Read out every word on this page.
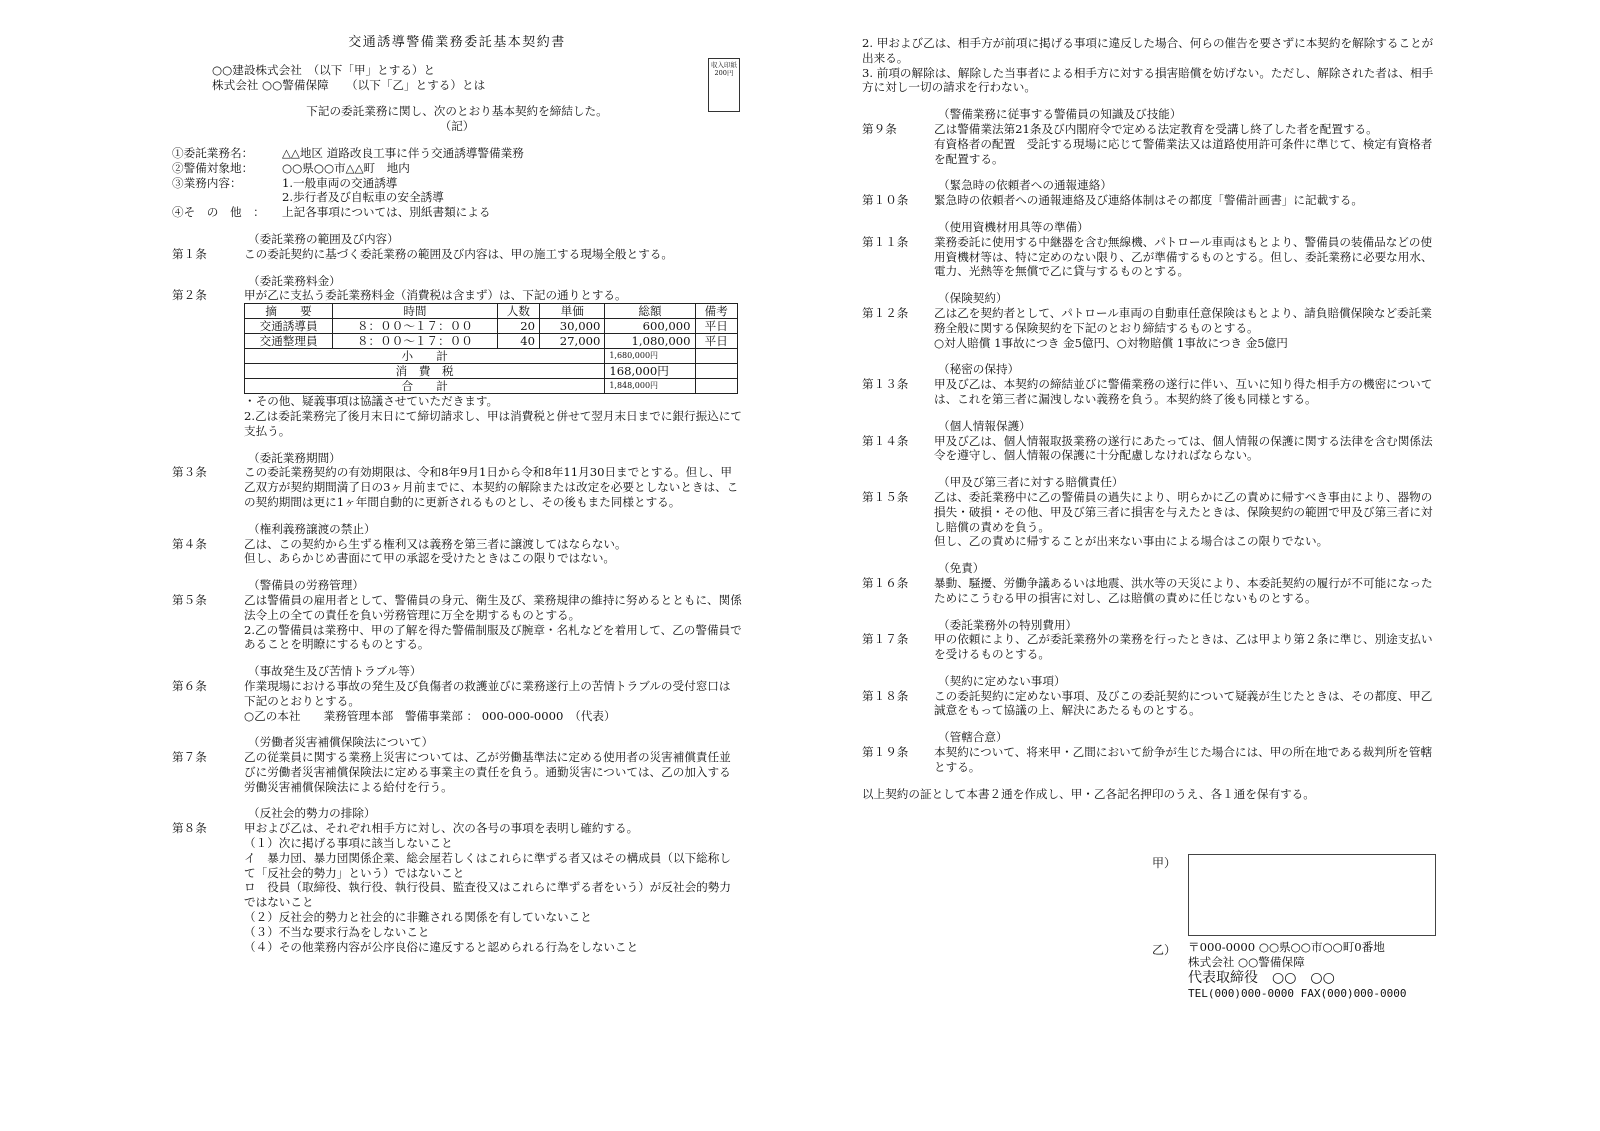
収入印紙
200円
交通誘導警備業務委託基本契約書
○○建設株式会社　（以下「甲」とする）と
株式会社 ○○警備保障　　（以下「乙」とする）とは
下記の委託業務に関し、次のとおり基本契約を締結した。
（記）
①委託業務名：	△△地区 道路改良工事に伴う交通誘導警備業務
②警備対象地：	○○県○○市△△町　地内
③業務内容：	1.一般車両の交通誘導
2.歩行者及び自転車の安全誘導
④そ　の　他　：	上記各事項については、別紙書類による
（委託業務の範囲及び内容）
第１条	この委託契約に基づく委託業務の範囲及び内容は、甲の施工する現場全般とする。
（委託業務料金）
第２条	甲が乙に支払う委託業務料金（消費税は含まず）は、下記の通りとする。
摘　　要	時間	人数	単価	総額	備考
交通誘導員	８：００～１７：００	20	30,000	600,000	平日
交通整理員	８：００～１７：００	40	27,000	1,080,000	平日
小　　計				1,680,000円	
消　費　税				168,000円	
合　　計				1,848,000円	
・その他、疑義事項は協議させていただきます。
2.乙は委託業務完了後月末日にて締切請求し、甲は消費税と併せて翌月末日までに銀行振込にて支払う。
（委託業務期間）
第３条	この委託業務契約の有効期限は、令和8年9月1日から令和8年11月30日までとする。但し、甲乙双方が契約期間満了日の3ヶ月前までに、本契約の解除または改定を必要としないときは、この契約期間は更に1ヶ年間自動的に更新されるものとし、その後もまた同様とする。
（権利義務譲渡の禁止）
第４条	乙は、この契約から生ずる権利又は義務を第三者に譲渡してはならない。
但し、あらかじめ書面にて甲の承認を受けたときはこの限りではない。
（警備員の労務管理）
第５条	乙は警備員の雇用者として、警備員の身元、衛生及び、業務規律の維持に努めるとともに、関係法令上の全ての責任を負い労務管理に万全を期するものとする。
2.乙の警備員は業務中、甲の了解を得た警備制服及び腕章・名札などを着用して、乙の警備員であることを明瞭にするものとする。
（事故発生及び苦情トラブル等）
第６条	作業現場における事故の発生及び負傷者の救護並びに業務遂行上の苦情トラブルの受付窓口は下記のとおりとする。
○乙の本社　　業務管理本部　警備事業部 ： 000-000-0000　（代表）
（労働者災害補償保険法について）
第７条	乙の従業員に関する業務上災害については、乙が労働基準法に定める使用者の災害補償責任並びに労働者災害補償保険法に定める事業主の責任を負う。通勤災害については、乙の加入する労働災害補償保険法による給付を行う。
（反社会的勢力の排除）
第８条	甲および乙は、それぞれ相手方に対し、次の各号の事項を表明し確約する。
（１）次に掲げる事項に該当しないこと
イ　暴力団、暴力団関係企業、総会屋若しくはこれらに準ずる者又はその構成員（以下総称して「反社会的勢力」という）ではないこと
ロ　役員（取締役、執行役、執行役員、監査役又はこれらに準ずる者をいう）が反社会的勢力ではないこと
（２）反社会的勢力と社会的に非難される関係を有していないこと
（３）不当な要求行為をしないこと
（４）その他業務内容が公序良俗に違反すると認められる行為をしないこと
2. 甲および乙は、相手方が前項に掲げる事項に違反した場合、何らの催告を要さずに本契約を解除することが出来る。
3. 前項の解除は、解除した当事者による相手方に対する損害賠償を妨げない。ただし、解除された者は、相手方に対し一切の請求を行わない。
（警備業務に従事する警備員の知識及び技能）
第９条	乙は警備業法第21条及び内閣府令で定める法定教育を受講し終了した者を配置する。
有資格者の配置　受託する現場に応じて警備業法又は道路使用許可条件に準じて、検定有資格者を配置する。
（緊急時の依頼者への通報連絡）
第１０条	緊急時の依頼者への通報連絡及び連絡体制はその都度「警備計画書」に記載する。
（使用資機材用具等の準備）
第１１条	業務委託に使用する中継器を含む無線機、パトロール車両はもとより、警備員の装備品などの使用資機材等は、特に定めのない限り、乙が準備するものとする。但し、委託業務に必要な用水、電力、光熱等を無償で乙に貸与するものとする。
（保険契約）
第１２条	乙は乙を契約者として、パトロール車両の自動車任意保険はもとより、請負賠償保険など委託業務全般に関する保険契約を下記のとおり締結するものとする。
○対人賠償 1事故につき 金5億円、○対物賠償 1事故につき 金5億円
（秘密の保持）
第１３条	甲及び乙は、本契約の締結並びに警備業務の遂行に伴い、互いに知り得た相手方の機密については、これを第三者に漏洩しない義務を負う。本契約終了後も同様とする。
（個人情報保護）
第１４条	甲及び乙は、個人情報取扱業務の遂行にあたっては、個人情報の保護に関する法律を含む関係法令を遵守し、個人情報の保護に十分配慮しなければならない。
（甲及び第三者に対する賠償責任）
第１５条	乙は、委託業務中に乙の警備員の過失により、明らかに乙の責めに帰すべき事由により、器物の損失・破損・その他、甲及び第三者に損害を与えたときは、保険契約の範囲で甲及び第三者に対し賠償の責めを負う。
但し、乙の責めに帰することが出来ない事由による場合はこの限りでない。
（免責）
第１６条	暴動、騒擾、労働争議あるいは地震、洪水等の天災により、本委託契約の履行が不可能になったためにこうむる甲の損害に対し、乙は賠償の責めに任じないものとする。
（委託業務外の特別費用）
第１７条	甲の依頼により、乙が委託業務外の業務を行ったときは、乙は甲より第２条に準じ、別途支払いを受けるものとする。
（契約に定めない事項）
第１８条	この委託契約に定めない事項、及びこの委託契約について疑義が生じたときは、その都度、甲乙誠意をもって協議の上、解決にあたるものとする。
（管轄合意）
第１９条	本契約について、将来甲・乙間において紛争が生じた場合には、甲の所在地である裁判所を管轄とする。
以上契約の証として本書２通を作成し、甲・乙各記名押印のうえ、各１通を保有する。
甲）
乙） 〒000-0000 ○○県○○市○○町0番地
株式会社 ○○警備保障
代表取締役　○○　○○
TEL(000)000-0000 FAX(000)000-0000
